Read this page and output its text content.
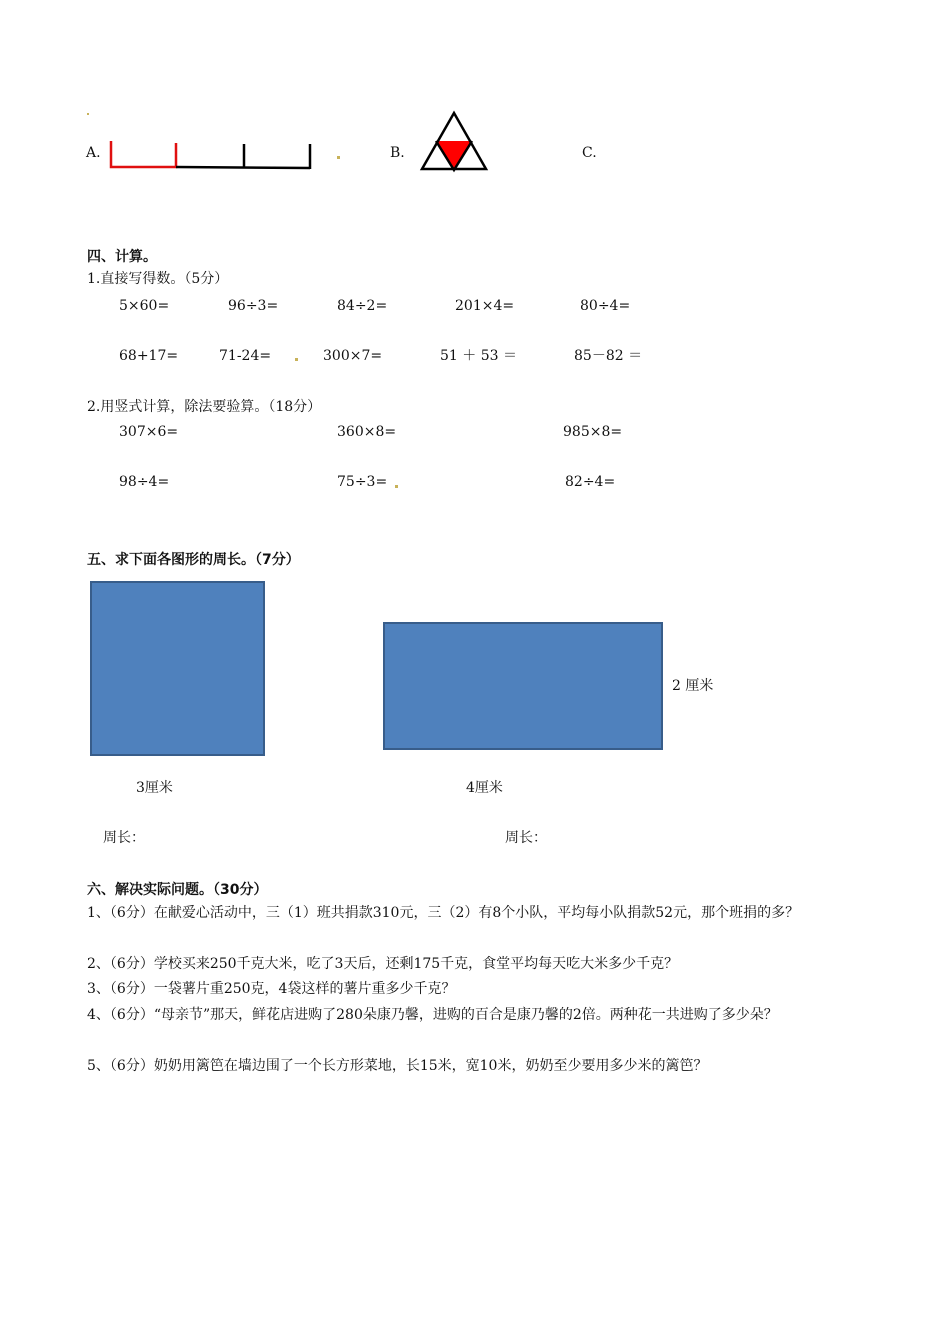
A.	B.	C.
四、计算。
1.直接写得数。（5分）
5×60=	96÷3=	84÷2=	201×4=	80÷4=
68+17=	71-24=	300×7=	51 ＋ 53 ＝	85－82 ＝
2.用竖式计算，除法要验算。（18分）
307×6=	360×8=	985×8=
98÷4=	75÷3=	82÷4=
五、求下面各图形的周长。（7分）
2 厘米
3厘米	4厘米
周长：	周长：
六、解决实际问题。（30分）
1、（6分）在献爱心活动中，三（1）班共捐款310元，三（2）有8个小队，平均每小队捐款52元，那个班捐的多？
2、（6分）学校买来250千克大米，吃了3天后，还剩175千克，食堂平均每天吃大米多少千克？
3、（6分）一袋薯片重250克，4袋这样的薯片重多少千克？
4、（6分）“母亲节”那天，鲜花店进购了280朵康乃馨，进购的百合是康乃馨的2倍。两种花一共进购了多少朵？
5、（6分）奶奶用篱笆在墙边围了一个长方形菜地，长15米，宽10米，奶奶至少要用多少米的篱笆？
